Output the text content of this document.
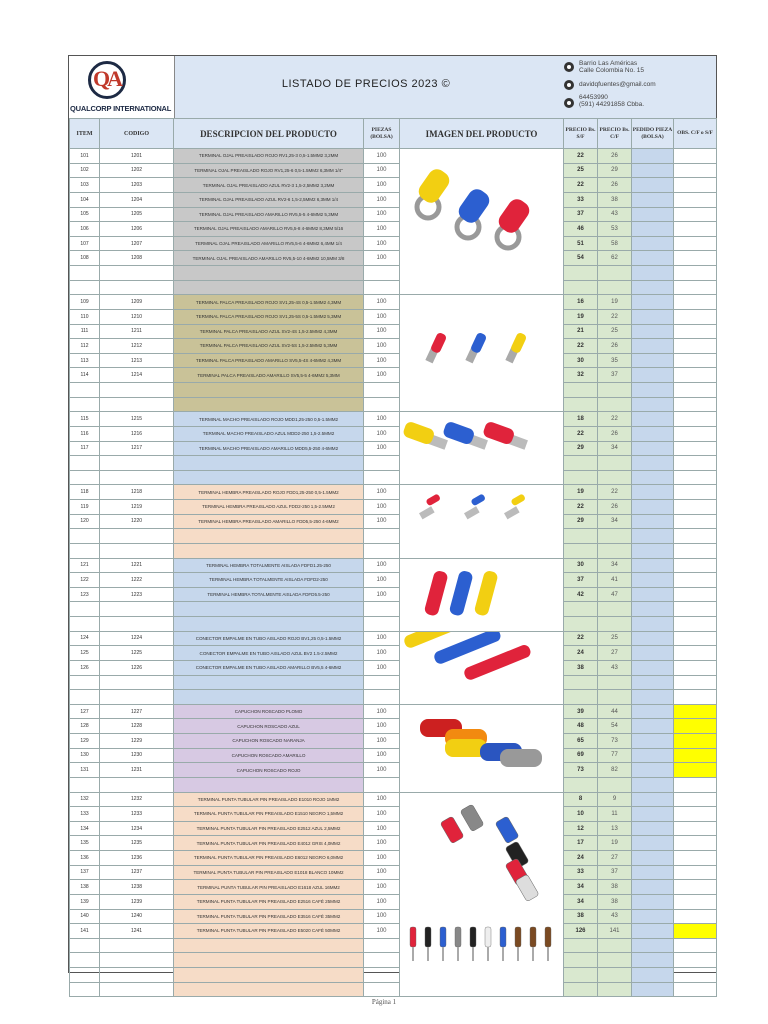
QA
QUALCORP INTERNATIONAL
LISTADO DE PRECIOS 2023 ©
Barrio Las Américas
Calle Colombia No. 15
davidqfuentes@gmail.com
64453990
(591) 44291858 Cbba.
ITEM	CODIGO	DESCRIPCION DEL PRODUCTO	PIEZAS (BOLSA)	IMAGEN DEL PRODUCTO	PRECIO Bs. S/F	PRECIO Bs. C/F	PEDIDO PIEZA (BOLSA)	OBS. C/F o S/F
101	1201	TERMINAL OJAL PREAISLADO ROJO RV1,25-3 0,5-1.5MM2 3,2MM	100		22	26		
102	1202	TERMINAL OJAL PREAISLADO ROJO RV1,25-6 0,5-1.5MM2 6,3MM 1/4"	100		25	29		
103	1203	TERMINAL OJAL PREAISLADO AZUL RV2-3 1,5-2,5MM2 3,2MM	100		22	26		
104	1204	TERMINAL OJAL PREAISLADO AZUL RV2-6 1,5-2,5MM2 6,3MM 1/4	100		33	38		
105	1205	TERMINAL OJAL PREAISLADO AMARILLO RV5,5-5 4-6MM2 5,3MM	100		37	43		
106	1206	TERMINAL OJAL PREAISLADO AMARILLO RV5,5-8 4-6MM2 8,3MM 5/16	100		46	53		
107	1207	TERMINAL OJAL PREAISLADO AMARILLO RV5,5-6 4-6MM2 6,4MM 1/4	100		51	58		
108	1208	TERMINAL OJAL PREAISLADO AMARILLO RV5,5-10 4-6MM2 10,5MM 3/8	100		54	62		

109	1209	TERMINAL PALCA PREAISLADO ROJO SV1,25-4S 0,5-1.5MM2 4,3MM	100		16	19		
110	1210	TERMINAL PALCA PREAISLADO ROJO SV1,25-5S 0,5-1.5MM2 5,3MM	100		19	22		
111	1211	TERMINAL PALCA PREAISLADO AZUL SV2-4S 1,5-2.5MM2 4,3MM	100		21	25		
112	1212	TERMINAL PALCA PREAISLADO AZUL SV2-5S 1,5-2.5MM2 5,3MM	100		22	26		
113	1213	TERMINAL PALCA PREAISLADO AMARILLO SV5,5-4S 4-6MM2 4,3MM	100		30	35		
114	1214	TERMINAL PALCA PREAISLADO AMARILLO SV5,5-5 4-6MM2 5,3MM	100		32	37		

115	1215	TERMINAL MACHO PREAISLADO ROJO MDD1,25-250 0,5-1.5MM2	100		18	22		
116	1216	TERMINAL MACHO PREAISLADO AZUL MDD2-250 1,5-2.5MM2	100		22	26		
117	1217	TERMINAL MACHO PREAISLADO AMARILLO MDD5,5-250 4-6MM2	100		29	34		

118	1218	TERMINAL HEMBRA PREAISLADO ROJO FDD1,25-250 0,5-1.5MM2	100		19	22		
119	1219	TERMINAL HEMBRA PREAISLADO AZUL FDD2-250 1,5-2.5MM2	100		22	26		
120	1220	TERMINAL HEMBRA PREAISLADO AMARILLO FDD5,5-250 4-6MM2	100		29	34		

121	1221	TERMINAL HEMBRA TOTALMENTE AISLADA FDFD1.25-250	100		30	34		
122	1222	TERMINAL HEMBRA TOTALMENTE AISLADA FDFD2-250	100		37	41		
123	1223	TERMINAL HEMBRA TOTALMENTE AISLADA FDFD5.5-250	100		42	47		

124	1224	CONECTOR EMPALME EN TUBO AISLADO ROJO BV1,25 0,5-1.5MM2	100		22	25		
125	1225	CONECTOR EMPALME EN TUBO AISLADO AZUL BV2 1.5-2.5MM2	100		24	27		
126	1226	CONECTOR EMPALME EN TUBO AISLADO AMARILLO BV5,5 4-6MM2	100		38	43		

127	1227	CAPUCHON ROSCADO PLOMO	100		39	44		
128	1228	CAPUCHON ROSCADO AZUL	100		48	54		
129	1229	CAPUCHON ROSCADO NARANJA	100		65	73		
130	1230	CAPUCHON ROSCADO AMARILLO	100		69	77		
131	1231	CAPUCHON ROSCADO ROJO	100		73	82		

132	1232	TERMINAL PUNTA TUBULAR PIN PREAISLADO E1010 ROJO 1MM2	100		8	9		
133	1233	TERMINAL PUNTA TUBULAR PIN PREAISLADO E1510 NEGRO 1,5MM2	100		10	11		
134	1234	TERMINAL PUNTA TUBULAR PIN PREAISLADO E2512 AZUL 2,5MM2	100		12	13		
135	1235	TERMINAL PUNTA TUBULAR PIN PREAISLADO E4012 GRIS 4,0MM2	100		17	19		
136	1236	TERMINAL PUNTA TUBULAR PIN PREAISLADO E6012 NEGRO 6,0MM2	100		24	27		
137	1237	TERMINAL PUNTA TUBULAR PIN PREAISLADO E1018 BLANCO 10MM2	100		33	37		
138	1238	TERMINAL PUNTA TUBULAR PIN PREAISLADO E1618 AZUL 16MM2	100		34	38		
139	1239	TERMINAL PUNTA TUBULAR PIN PREAISLADO E2516 CAFÉ 25MM2	100		34	38		
140	1240	TERMINAL PUNTA TUBULAR PIN PREAISLADO E3516 CAFÉ 35MM2	100		38	43		
141	1241	TERMINAL PUNTA TUBULAR PIN PREAISLADO E5020 CAFÉ 50MM2	100		126	141		

Página 1
